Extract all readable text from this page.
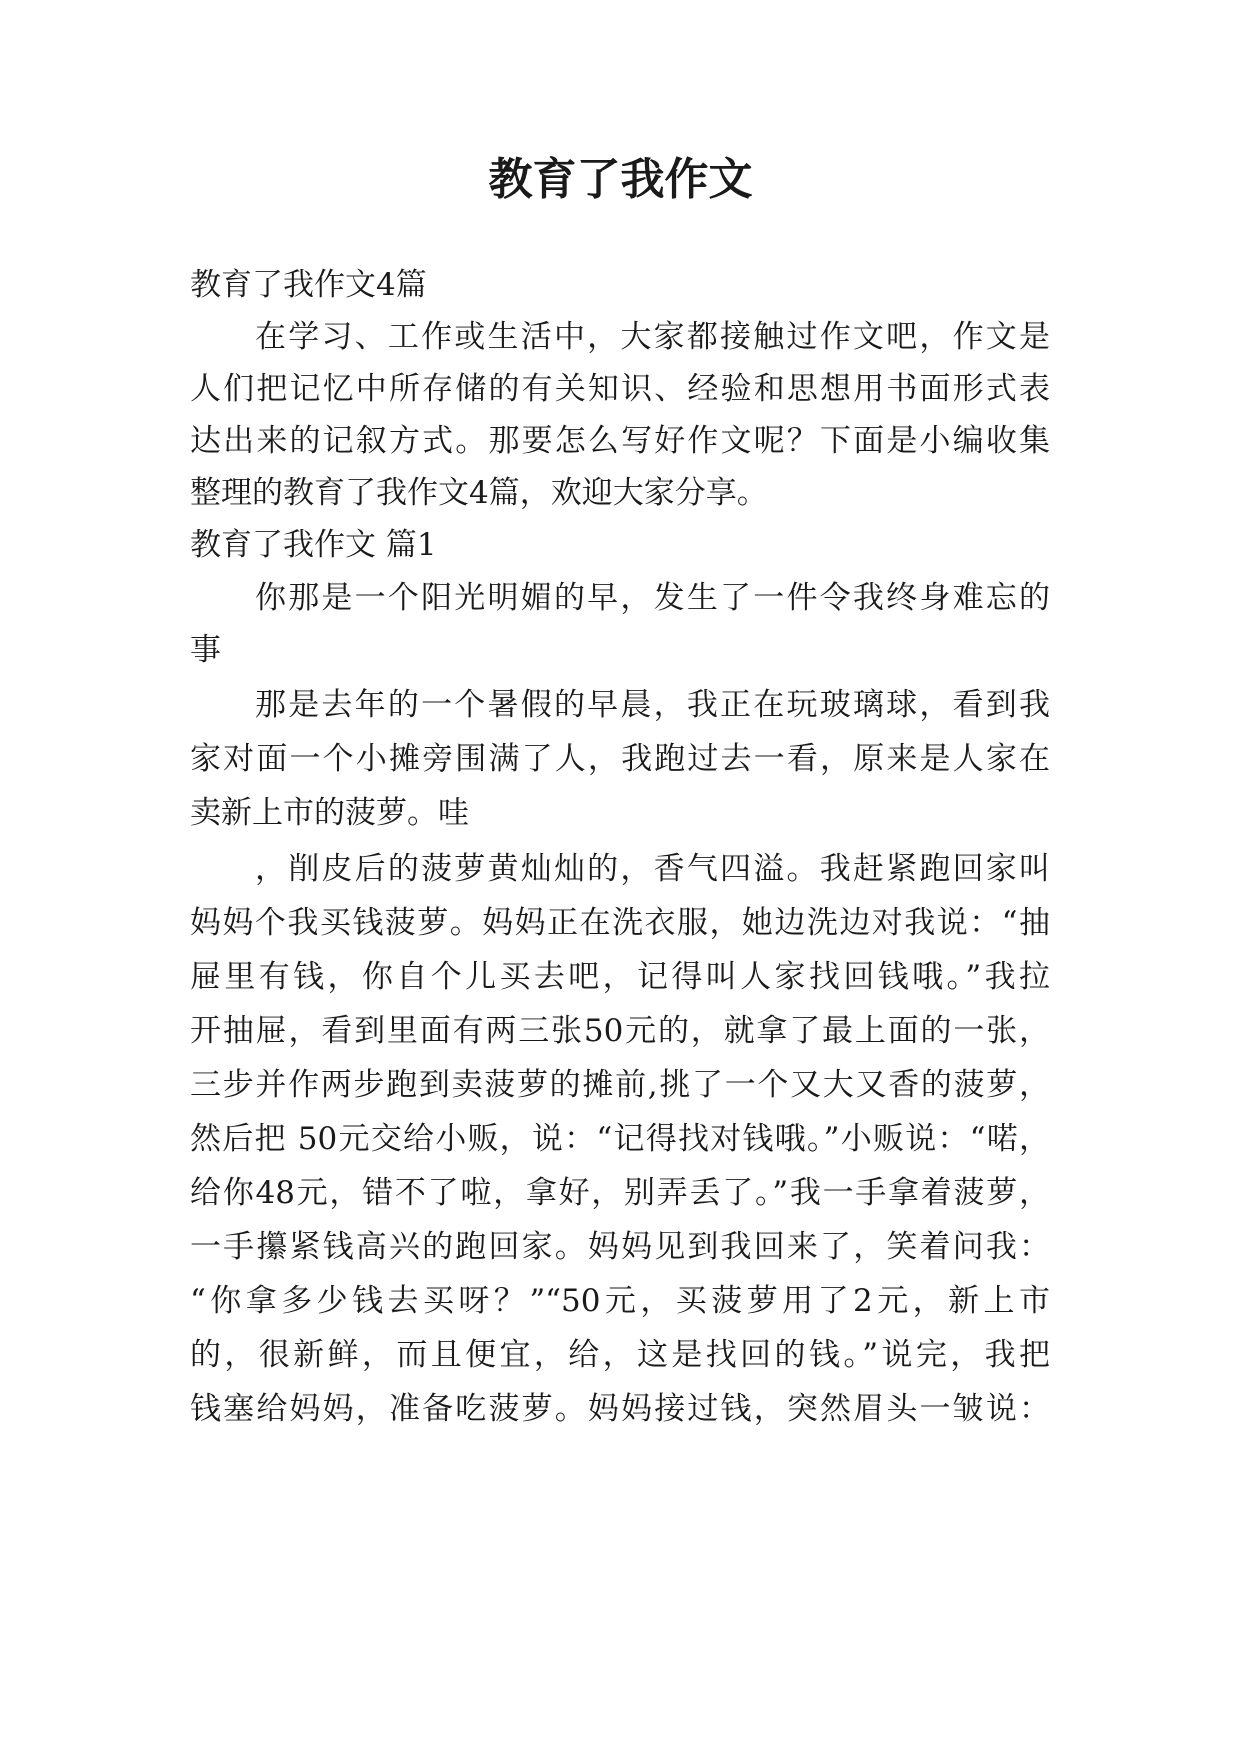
教育了我作文
教育了我作文4篇
在学习、工作或生活中，大家都接触过作文吧，作文是
人们把记忆中所存储的有关知识、经验和思想用书面形式表
达出来的记叙方式。那要怎么写好作文呢？下面是小编收集
整理的教育了我作文4篇，欢迎大家分享。
教育了我作文 篇1
你那是一个阳光明媚的早，发生了一件令我终身难忘的
事
那是去年的一个暑假的早晨，我正在玩玻璃球，看到我
家对面一个小摊旁围满了人，我跑过去一看，原来是人家在
卖新上市的菠萝。哇
，削皮后的菠萝黄灿灿的，香气四溢。我赶紧跑回家叫
妈妈个我买钱菠萝。妈妈正在洗衣服，她边洗边对我说：“抽
屉里有钱，你自个儿买去吧，记得叫人家找回钱哦。”我拉
开抽屉，看到里面有两三张50元的，就拿了最上面的一张，
三步并作两步跑到卖菠萝的摊前,挑了一个又大又香的菠萝，
然后把 50元交给小贩，说：“记得找对钱哦。”小贩说：“喏，
给你48元，错不了啦，拿好，别弄丢了。”我一手拿着菠萝，
一手攥紧钱高兴的跑回家。妈妈见到我回来了，笑着问我：
“你拿多少钱去买呀？”“50元，买菠萝用了2元，新上市
的，很新鲜，而且便宜，给，这是找回的钱。”说完，我把
钱塞给妈妈，准备吃菠萝。妈妈接过钱，突然眉头一皱说：
